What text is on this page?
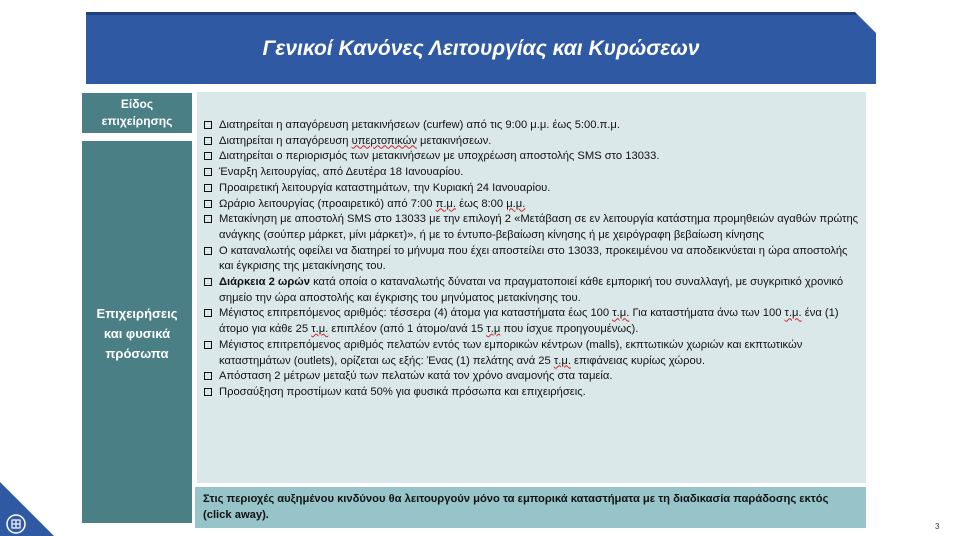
Γενικοί Κανόνες Λειτουργίας και Κυρώσεων
Είδος
επιχείρησης
Επιχειρήσεις
και φυσικά
πρόσωπα
Διατηρείται η απαγόρευση μετακινήσεων (curfew) από τις 9:00 μ.μ. έως 5:00.π.μ.
Διατηρείται η απαγόρευση υπερτοπικών μετακινήσεων.
Διατηρείται ο περιορισμός των μετακινήσεων με υποχρέωση αποστολής SMS στο 13033.
Έναρξη λειτουργίας, από Δευτέρα 18 Ιανουαρίου.
Προαιρετική λειτουργία καταστημάτων, την Κυριακή 24 Ιανουαρίου.
Ωράριο λειτουργίας (προαιρετικό) από 7:00 π.μ. έως 8:00 μ.μ.
Μετακίνηση με αποστολή SMS στο 13033 με την επιλογή 2 «Μετάβαση σε εν λειτουργία κατάστημα προμηθειών αγαθών πρώτης ανάγκης (σούπερ μάρκετ, μίνι μάρκετ)», ή με το έντυπο-βεβαίωση κίνησης ή με χειρόγραφη βεβαίωση κίνησης
Ο καταναλωτής οφείλει να διατηρεί το μήνυμα που έχει αποστείλει στο 13033, προκειμένου να αποδεικνύεται η ώρα αποστολής και έγκρισης της μετακίνησης του.
Διάρκεια 2 ωρών κατά οποία ο καταναλωτής δύναται να πραγματοποιεί κάθε εμπορική του συναλλαγή, με συγκριτικό χρονικό σημείο την ώρα αποστολής και έγκρισης του μηνύματος μετακίνησης του.
Μέγιστος επιτρεπόμενος αριθμός: τέσσερα (4) άτομα για καταστήματα έως 100 τ.μ. Για καταστήματα άνω των 100 τ.μ. ένα (1) άτομο για κάθε 25 τ.μ. επιπλέον (από 1 άτομο/ανά 15 τ.μ που ίσχυε προηγουμένως).
Μέγιστος επιτρεπόμενος αριθμός πελατών εντός των εμπορικών κέντρων (malls), εκπτωτικών χωριών και εκπτωτικών καταστημάτων (outlets), ορίζεται ως εξής: Ένας (1) πελάτης ανά 25 τ.μ. επιφάνειας κυρίως χώρου.
Απόσταση 2 μέτρων μεταξύ των πελατών κατά τον χρόνο αναμονής στα ταμεία.
Προσαύξηση προστίμων κατά 50% για φυσικά πρόσωπα και επιχειρήσεις.
Στις περιοχές αυξημένου κινδύνου θα λειτουργούν μόνο τα εμπορικά καταστήματα με τη διαδικασία παράδοσης εκτός (click away).
3
